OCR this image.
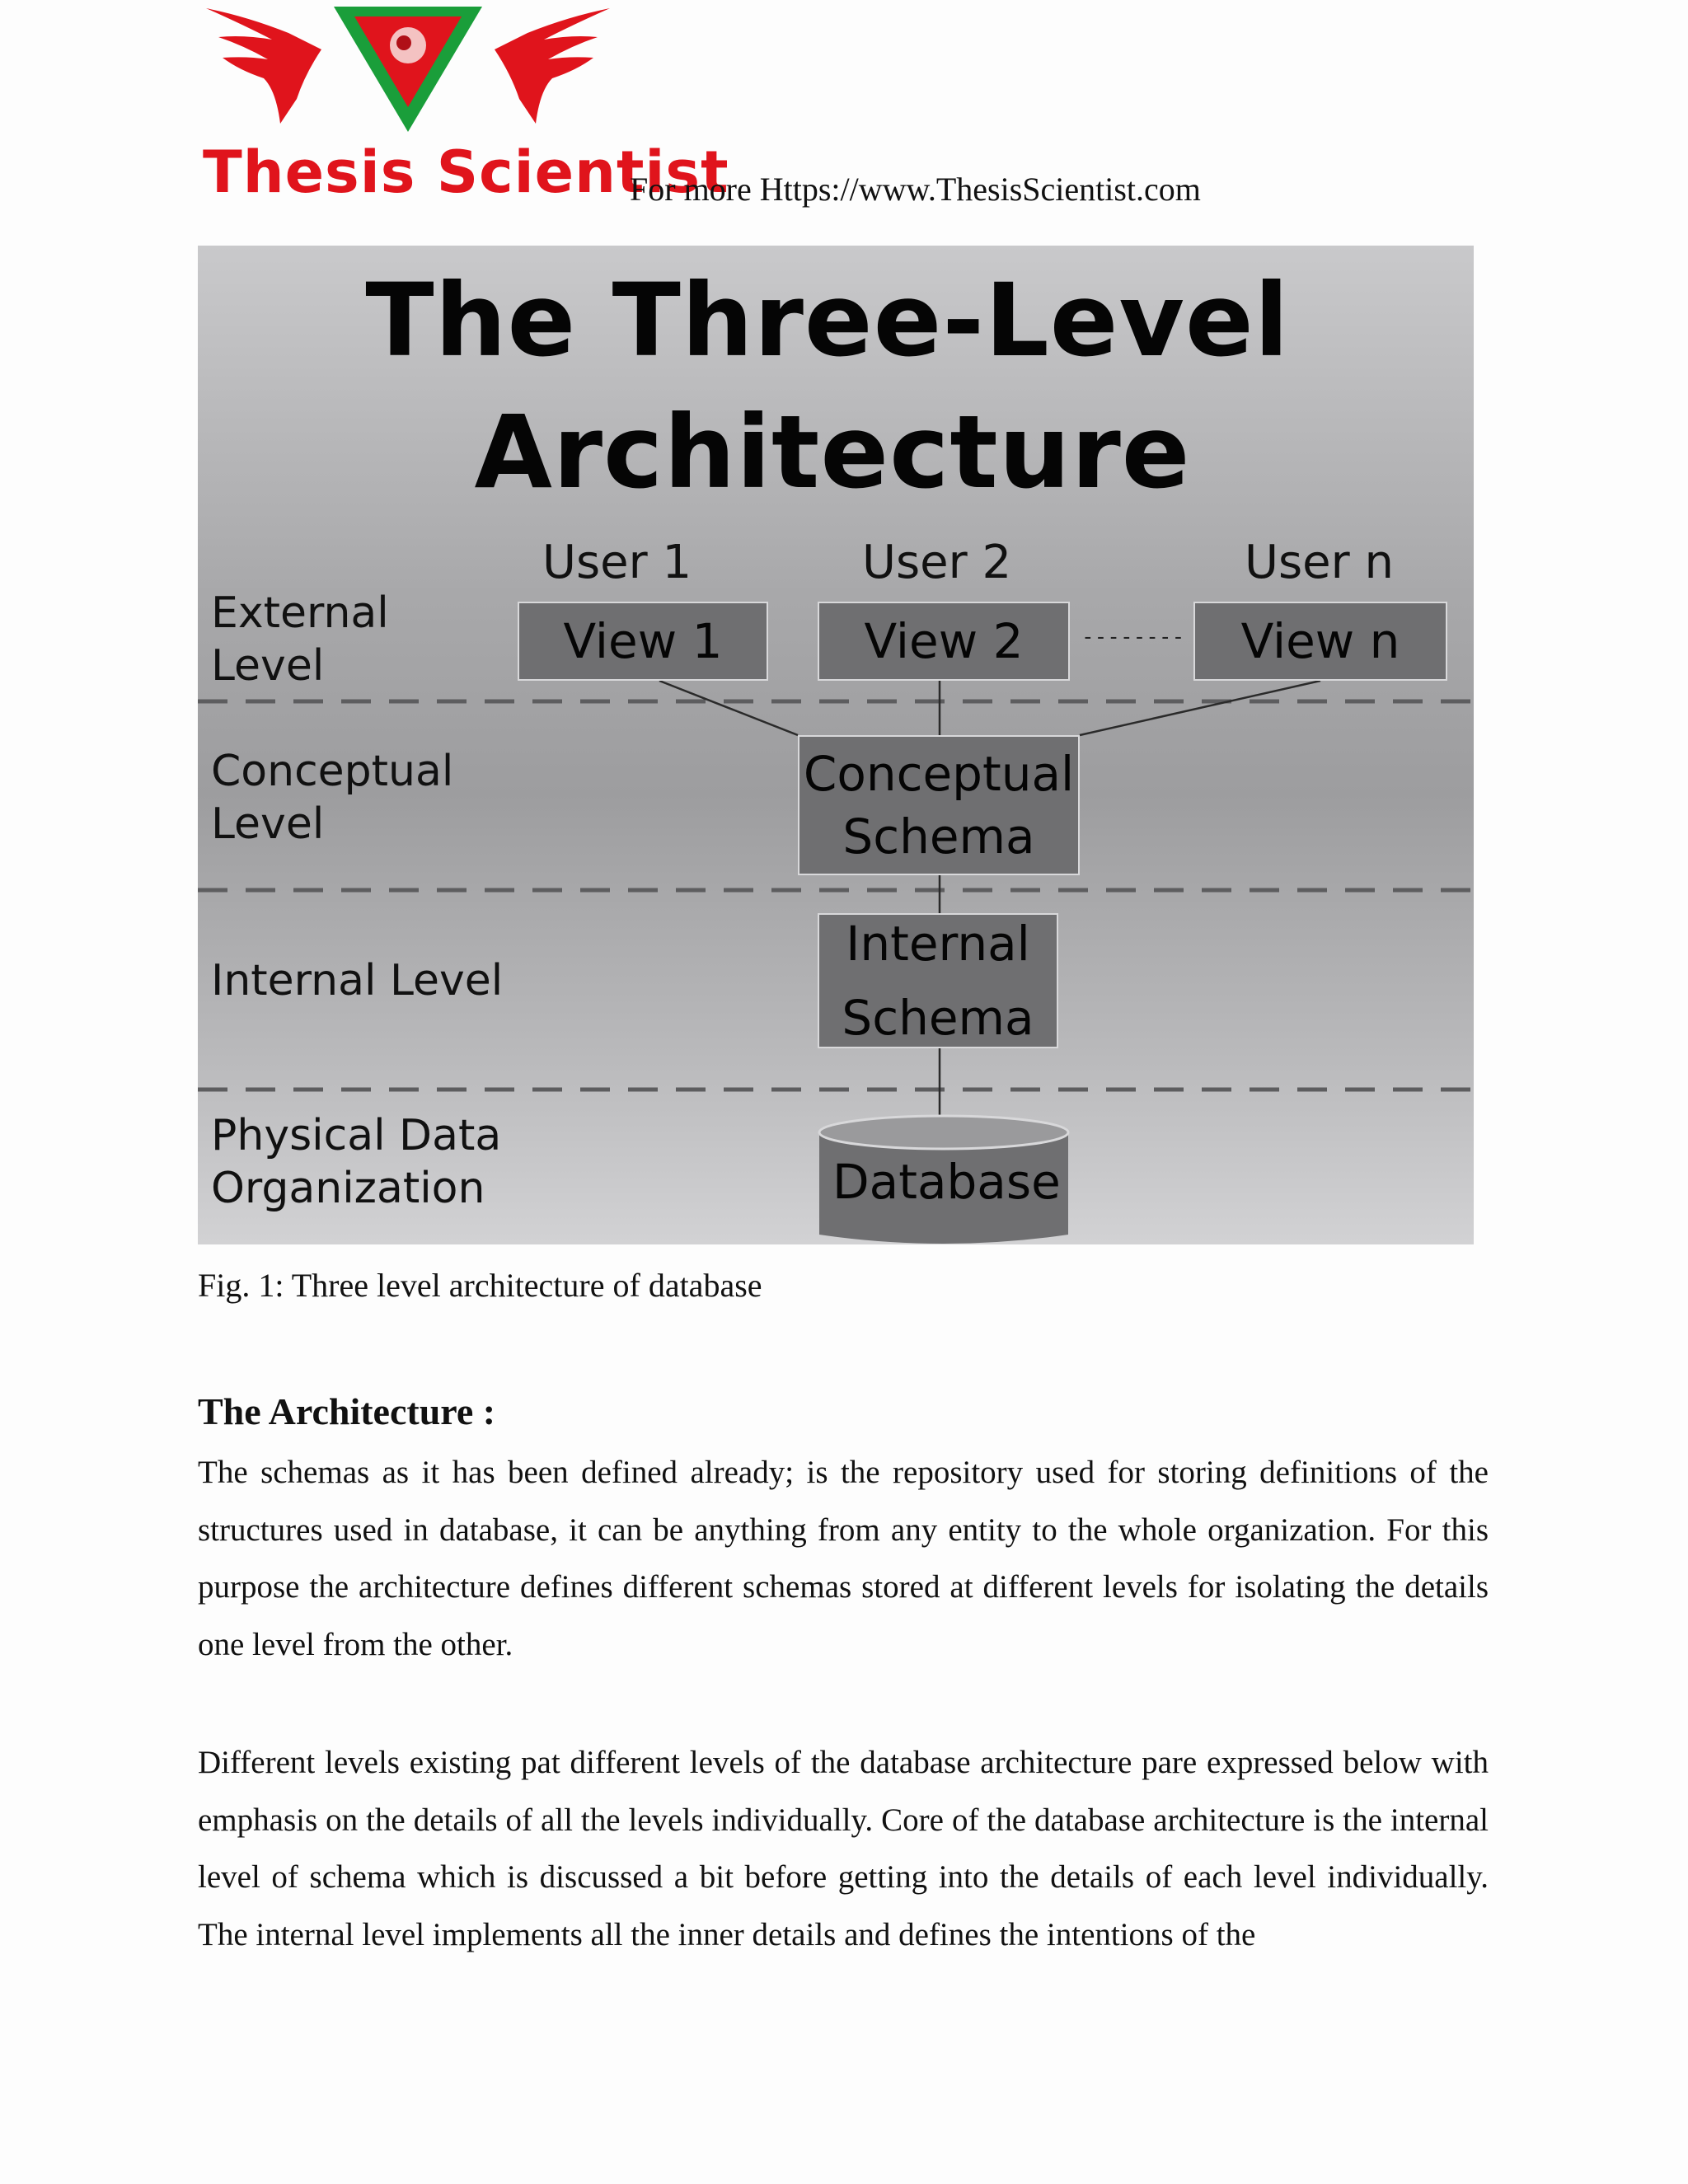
Thesis Scientist
For more Https://www.ThesisScientist.com
The Three-Level
Architecture
External
Level
Conceptual
Level
Internal Level
Physical Data
Organization
User 1	User 2	User n
View 1	View 2	-------- View n
Conceptual
Schema
Internal
Schema
Database
Fig. 1: Three level architecture of database
The Architecture :
The schemas as it has been defined already; is the repository used for storing definitions of the structures used in database, it can be anything from any entity to the whole organization. For this purpose the architecture defines different schemas stored at different levels for isolating the details one level from the other.
Different levels existing pat different levels of the database architecture pare expressed below with emphasis on the details of all the levels individually. Core of the database architecture is the internal level of schema which is discussed a bit before getting into the details of each level individually. The internal level implements all the inner details and defines the intentions of the
